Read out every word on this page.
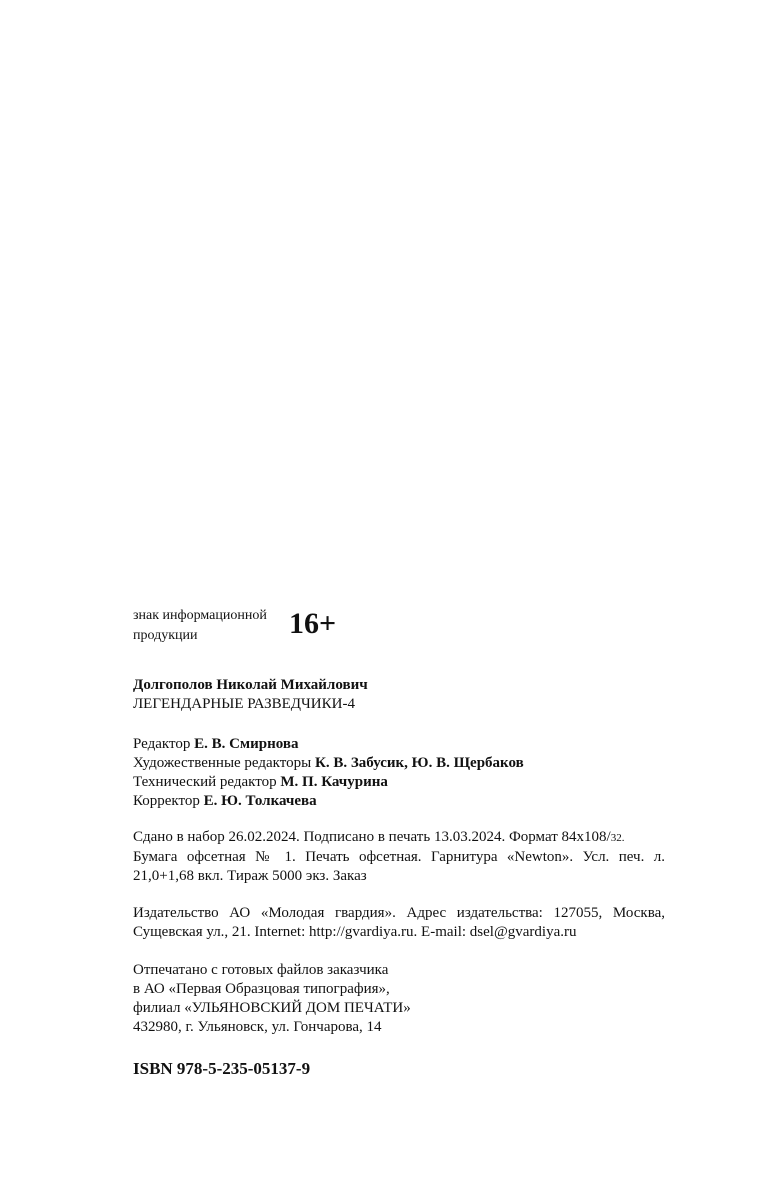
знак информационной
продукции	16+
Долгополов Николай Михайлович
ЛЕГЕНДАРНЫЕ РАЗВЕДЧИКИ-4
Редактор Е. В. Смирнова
Художественные редакторы К. В. Забусик, Ю. В. Щербаков
Технический редактор М. П. Качурина
Корректор Е. Ю. Толкачева
Сдано в набор 26.02.2024. Подписано в печать 13.03.2024. Формат 84x108/32.
Бумага офсетная № 1. Печать офсетная. Гарнитура «Newton». Усл. печ. л.
21,0+1,68 вкл. Тираж 5000 экз. Заказ
Издательство АО «Молодая гвардия». Адрес издательства: 127055, Москва,
Сущевская ул., 21. Internet: http://gvardiya.ru. E-mail: dsel@gvardiya.ru
Отпечатано с готовых файлов заказчика
в АО «Первая Образцовая типография»,
филиал «УЛЬЯНОВСКИЙ ДОМ ПЕЧАТИ»
432980, г. Ульяновск, ул. Гончарова, 14
ISBN 978-5-235-05137-9
